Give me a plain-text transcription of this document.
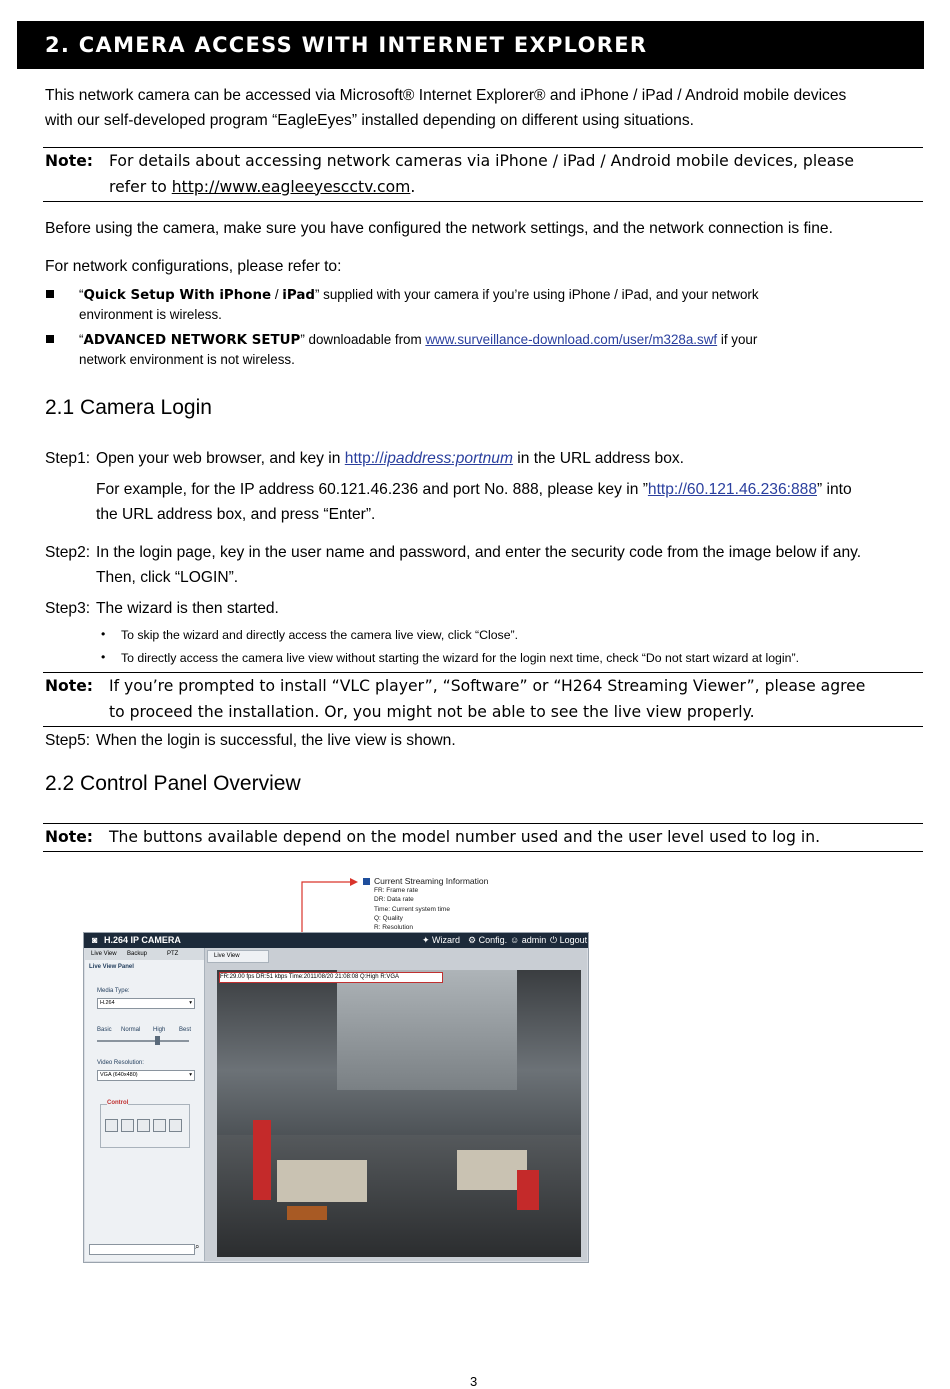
2. CAMERA ACCESS WITH INTERNET EXPLORER
This network camera can be accessed via Microsoft® Internet Explorer® and iPhone / iPad / Android mobile devices
with our self-developed program “EagleEyes” installed depending on different using situations.
Note: For details about accessing network cameras via iPhone / iPad / Android mobile devices, please
refer to http://www.eagleeyescctv.com.
Before using the camera, make sure you have configured the network settings, and the network connection is fine.
For network configurations, please refer to:
“Quick Setup With iPhone / iPad” supplied with your camera if you’re using iPhone / iPad, and your network
environment is wireless.
“ADVANCED NETWORK SETUP” downloadable from www.surveillance-download.com/user/m328a.swf if your
network environment is not wireless.
2.1 Camera Login
Step1: Open your web browser, and key in http://ipaddress:portnum in the URL address box.
For example, for the IP address 60.121.46.236 and port No. 888, please key in ”http://60.121.46.236:888” into
the URL address box, and press “Enter”.
Step2: In the login page, key in the user name and password, and enter the security code from the image below if any.
Then, click “LOGIN”.
Step3: The wizard is then started.
• To skip the wizard and directly access the camera live view, click “Close”.
• To directly access the camera live view without starting the wizard for the login next time, check “Do not start wizard at login”.
Note: If you’re prompted to install “VLC player”, “Software” or “H264 Streaming Viewer”, please agree
to proceed the installation. Or, you might not be able to see the live view properly.
Step5: When the login is successful, the live view is shown.
2.2 Control Panel Overview
Note: The buttons available depend on the model number used and the user level used to log in.
Current Streaming Information
FR: Frame rate
DR: Data rate
Time: Current system time
Q: Quality
R: Resolution
◙ H.264 IP CAMERA	✦ Wizard ⚙ Config. ☺ admin ⏻ Logout
Live View Backup	PTZ
Live View Panel
Media Type:
H.264	▾
Basic Normal High Best
Video Resolution:
VGA (640x480)	▾
Control
⌕
Live View
FR:29.00 fps DR:51 kbps Time:2011/08/20 21:08:08 Q:High R:VGA
3
